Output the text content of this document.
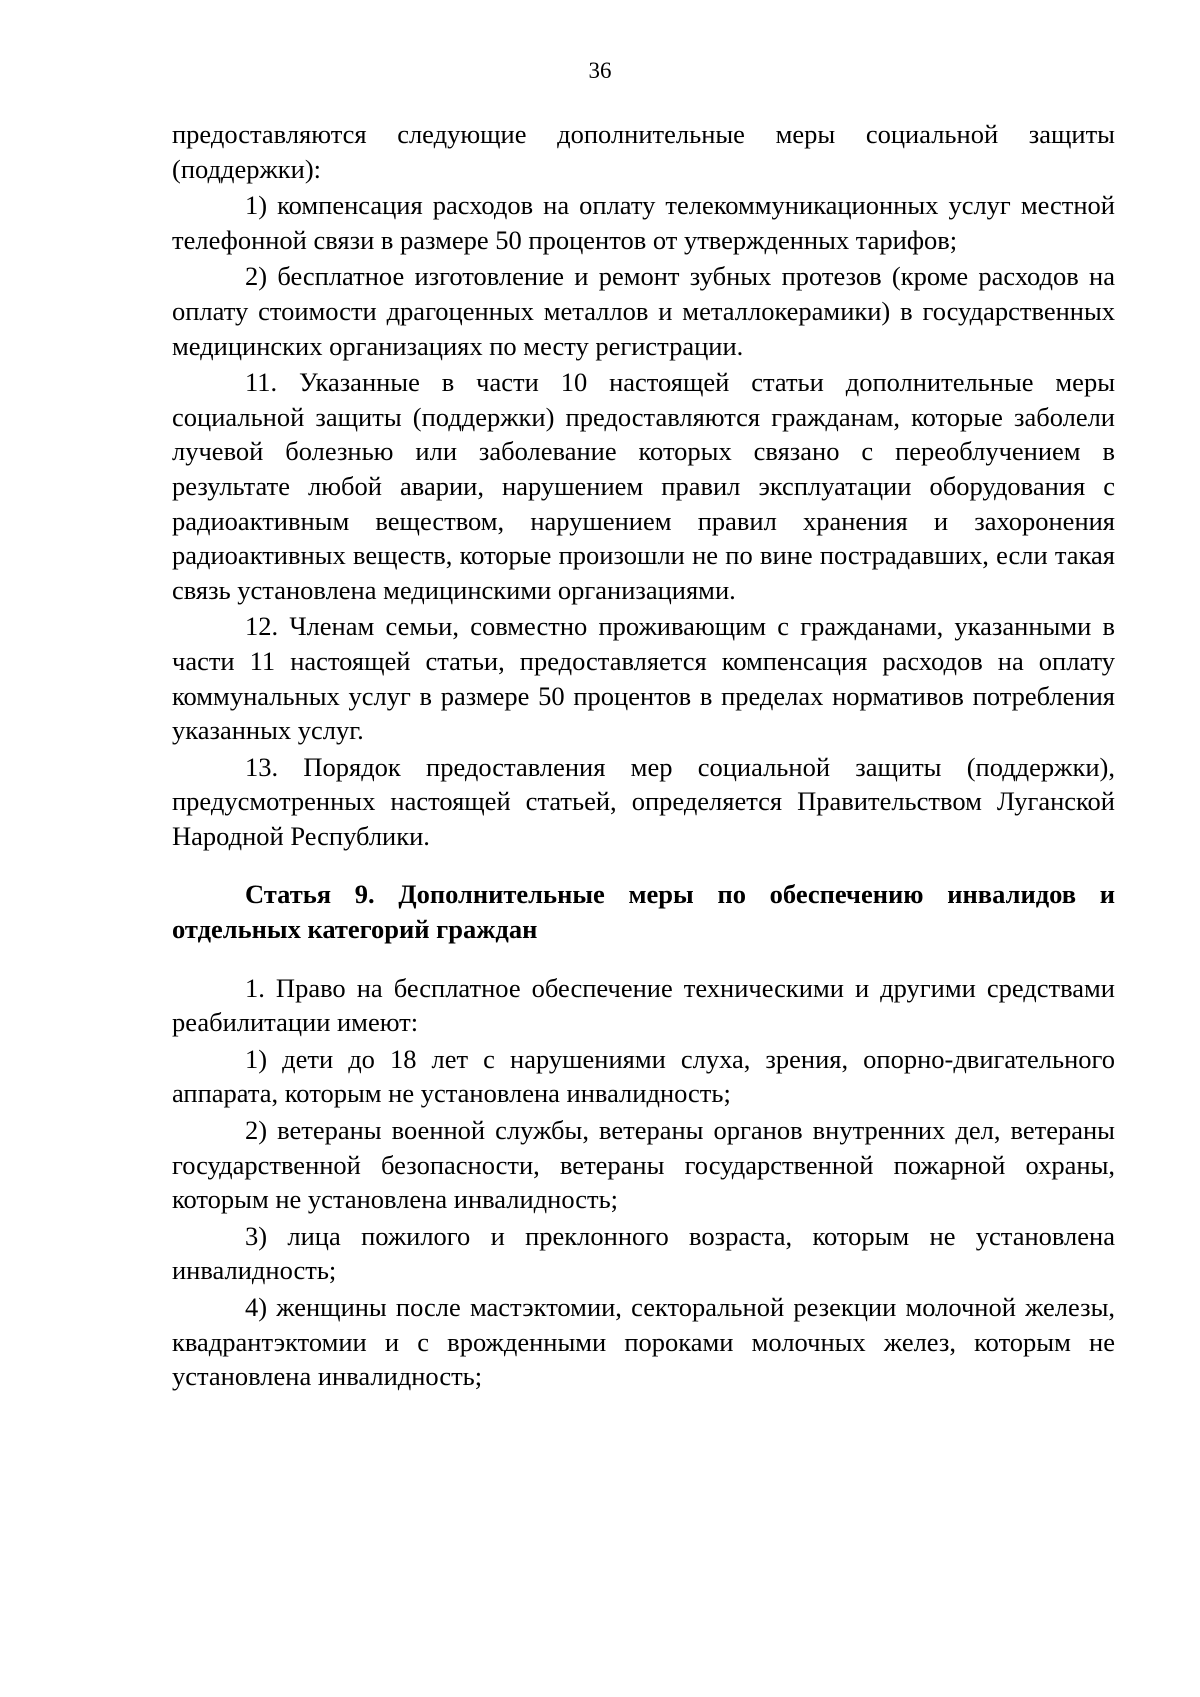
36

предоставляются следующие дополнительные меры социальной защиты (поддержки):

1) компенсация расходов на оплату телекоммуникационных услуг местной телефонной связи в размере 50 процентов от утвержденных тарифов;

2) бесплатное изготовление и ремонт зубных протезов (кроме расходов на оплату стоимости драгоценных металлов и металлокерамики) в государственных медицинских организациях по месту регистрации.

11. Указанные в части 10 настоящей статьи дополнительные меры социальной защиты (поддержки) предоставляются гражданам, которые заболели лучевой болезнью или заболевание которых связано с переоблучением в результате любой аварии, нарушением правил эксплуатации оборудования с радиоактивным веществом, нарушением правил хранения и захоронения радиоактивных веществ, которые произошли не по вине пострадавших, если такая связь установлена медицинскими организациями.

12. Членам семьи, совместно проживающим с гражданами, указанными в части 11 настоящей статьи, предоставляется компенсация расходов на оплату коммунальных услуг в размере 50 процентов в пределах нормативов потребления указанных услуг.

13. Порядок предоставления мер социальной защиты (поддержки), предусмотренных настоящей статьей, определяется Правительством Луганской Народной Республики.

Статья 9. Дополнительные меры по обеспечению инвалидов и отдельных категорий граждан

1. Право на бесплатное обеспечение техническими и другими средствами реабилитации имеют:

1) дети до 18 лет с нарушениями слуха, зрения, опорно-двигательного аппарата, которым не установлена инвалидность;

2) ветераны военной службы, ветераны органов внутренних дел, ветераны государственной безопасности, ветераны государственной пожарной охраны, которым не установлена инвалидность;

3) лица пожилого и преклонного возраста, которым не установлена инвалидность;

4) женщины после мастэктомии, секторальной резекции молочной железы, квадрантэктомии и с врожденными пороками молочных желез, которым не установлена инвалидность;
